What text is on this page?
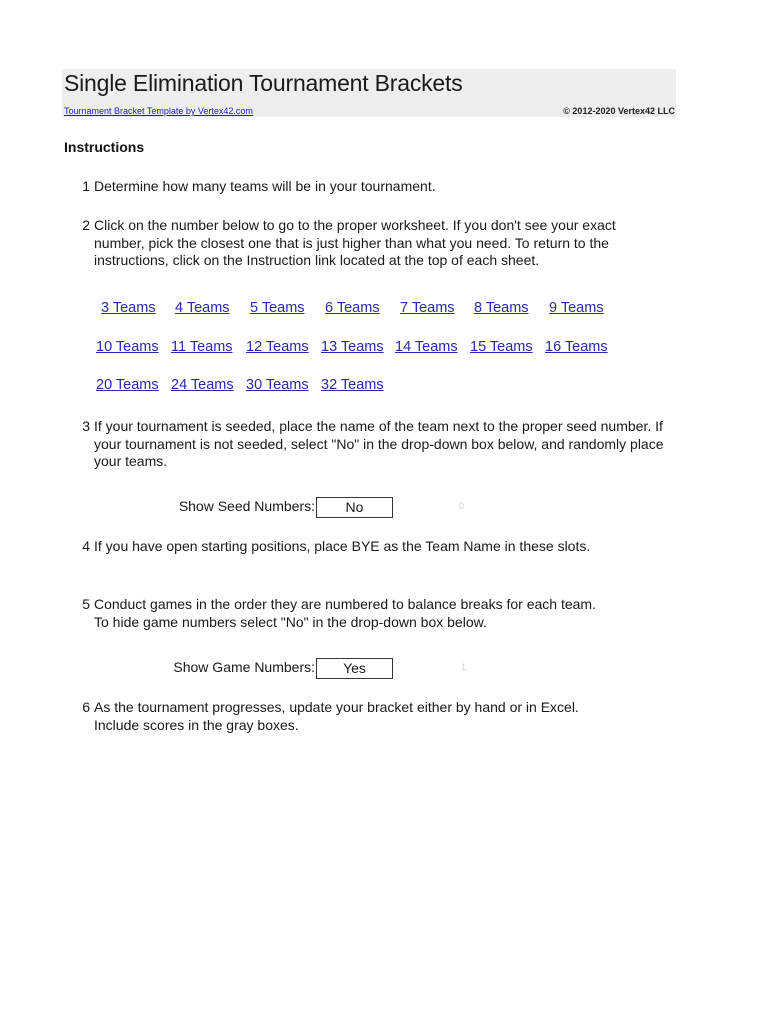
Single Elimination Tournament Brackets
Tournament Bracket Template by Vertex42.com	© 2012-2020 Vertex42 LLC
Instructions
1 Determine how many teams will be in your tournament.
2 Click on the number below to go to the proper worksheet. If you don't see your exact number, pick the closest one that is just higher than what you need. To return to the instructions, click on the Instruction link located at the top of each sheet.
3 Teams 4 Teams 5 Teams 6 Teams 7 Teams 8 Teams 9 Teams
10 Teams 11 Teams 12 Teams 13 Teams 14 Teams 15 Teams 16 Teams
20 Teams 24 Teams 30 Teams 32 Teams
3 If your tournament is seeded, place the name of the team next to the proper seed number. If your tournament is not seeded, select "No" in the drop-down box below, and randomly place your teams.
Show Seed Numbers:	No	0
4 If you have open starting positions, place BYE as the Team Name in these slots.
5 Conduct games in the order they are numbered to balance breaks for each team. To hide game numbers select "No" in the drop-down box below.
Show Game Numbers:	Yes	1
6 As the tournament progresses, update your bracket either by hand or in Excel. Include scores in the gray boxes.
